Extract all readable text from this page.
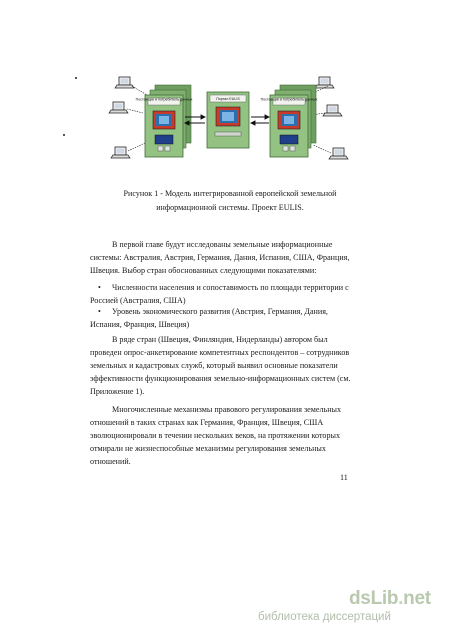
Поставщик и потребитель данных	Поставщик и потребитель данных
Портал EULIS
Рисунок 1 - Модель интегрированной европейской земельной
информационной системы. Проект EULIS.
В первой главе будут исследованы земельные информационные
системы: Австралия, Австрия, Германия, Дания, Испания, США, Франция,
Швеция. Выбор стран обоснованных следующими показателями:
• Численности населения и сопоставимость по площади территории с
Россией (Австралия, США)
• Уровень экономического развития (Австрия, Германия, Дания,
Испания, Франция, Швеция)
В ряде стран (Швеция, Финляндия, Нидерланды) автором был
проведен опрос-анкетирование компетентных респондентов – сотрудников
земельных и кадастровых служб, который выявил основные показатели
эффективности функционирования земельно-информационных систем (см.
Приложение 1).
Многочисленные механизмы правового регулирования земельных
отношений в таких странах как Германия, Франция, Швеция, США
эволюционировали в течении нескольких веков, на протяжении которых
отмирали не жизнеспособные механизмы регулирования земельных
отношений.
11
dsLib.net
библиотека диссертаций
